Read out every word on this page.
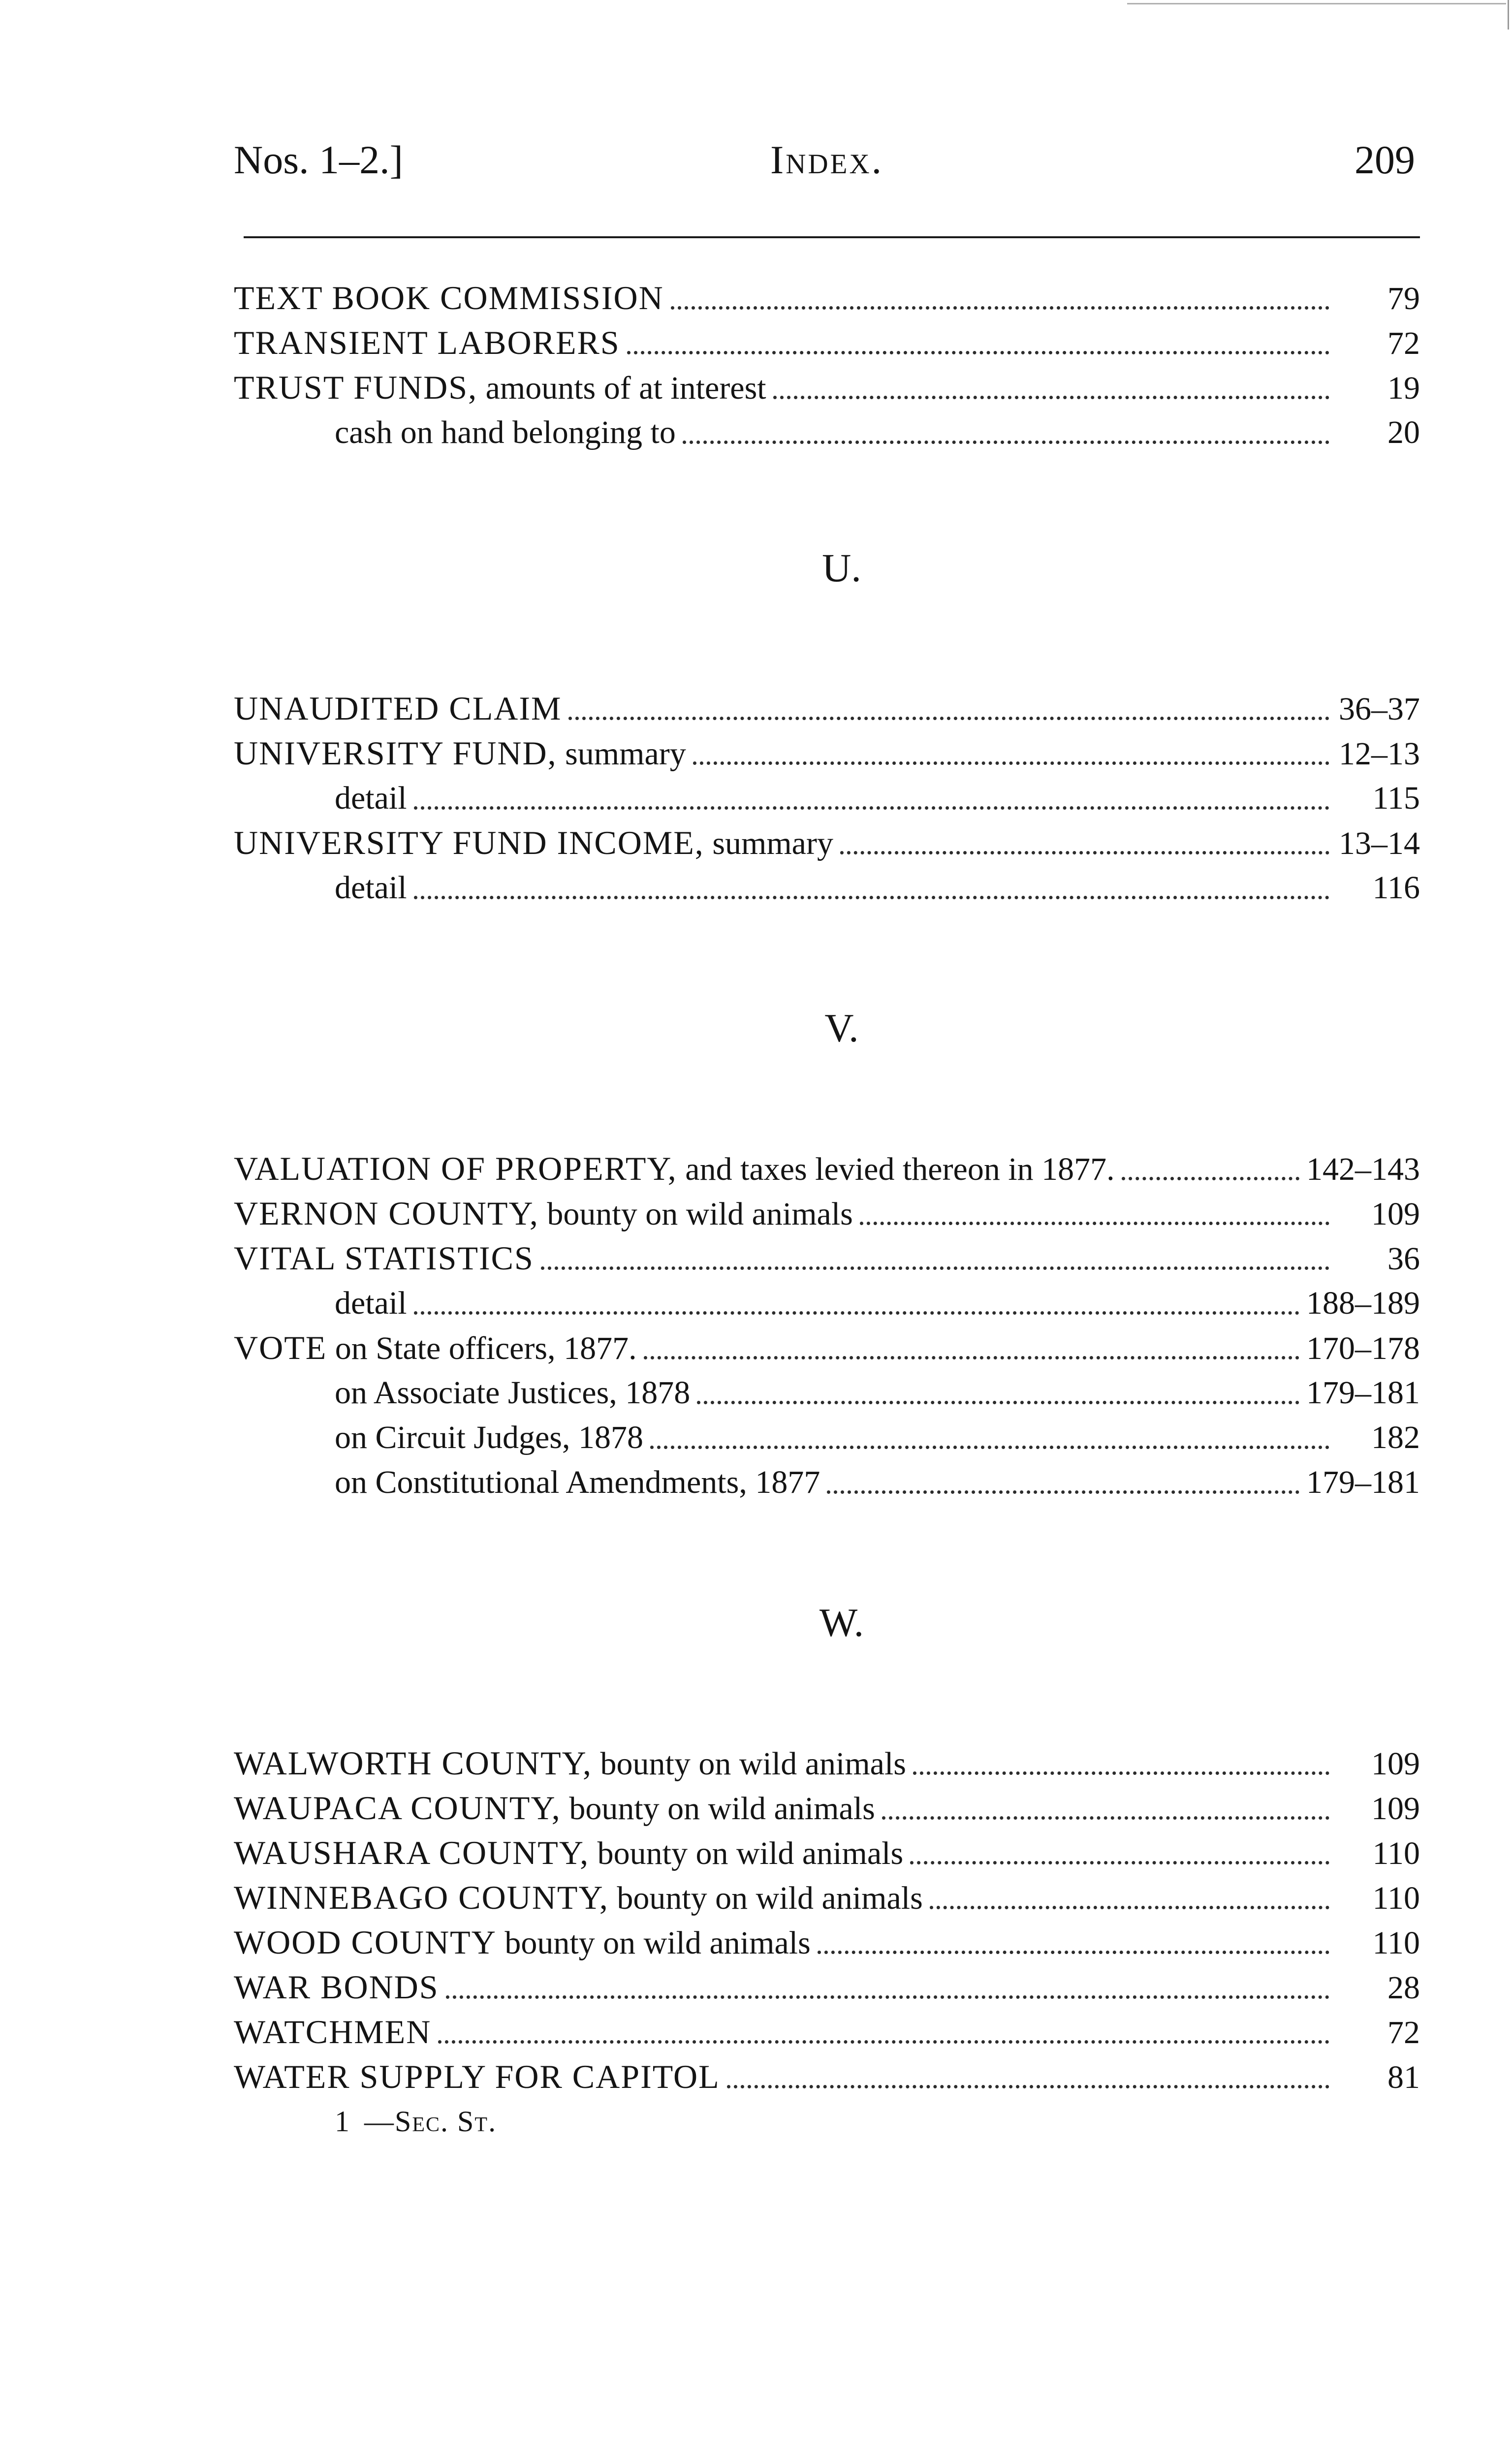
Nos. 1–2.]	Index.	209
TEXT BOOK COMMISSION	79
TRANSIENT LABORERS	72
TRUST FUNDS, amounts of at interest	19
cash on hand belonging to	20
U.
UNAUDITED CLAIM	36–37
UNIVERSITY FUND, summary	12–13
detail	115
UNIVERSITY FUND INCOME, summary	13–14
detail	116
V.
VALUATION OF PROPERTY, and taxes levied thereon in 1877.	142–143
VERNON COUNTY, bounty on wild animals	109
VITAL STATISTICS	36
detail	188–189
VOTE on State officers, 1877.	170–178
on Associate Justices, 1878	179–181
on Circuit Judges, 1878	182
on Constitutional Amendments, 1877	179–181
W.
WALWORTH COUNTY, bounty on wild animals	109
WAUPACA COUNTY, bounty on wild animals	109
WAUSHARA COUNTY, bounty on wild animals	110
WINNEBAGO COUNTY, bounty on wild animals	110
WOOD COUNTY bounty on wild animals	110
WAR BONDS	28
WATCHMEN	72
WATER SUPPLY FOR CAPITOL	81
1 —Sec. St.
